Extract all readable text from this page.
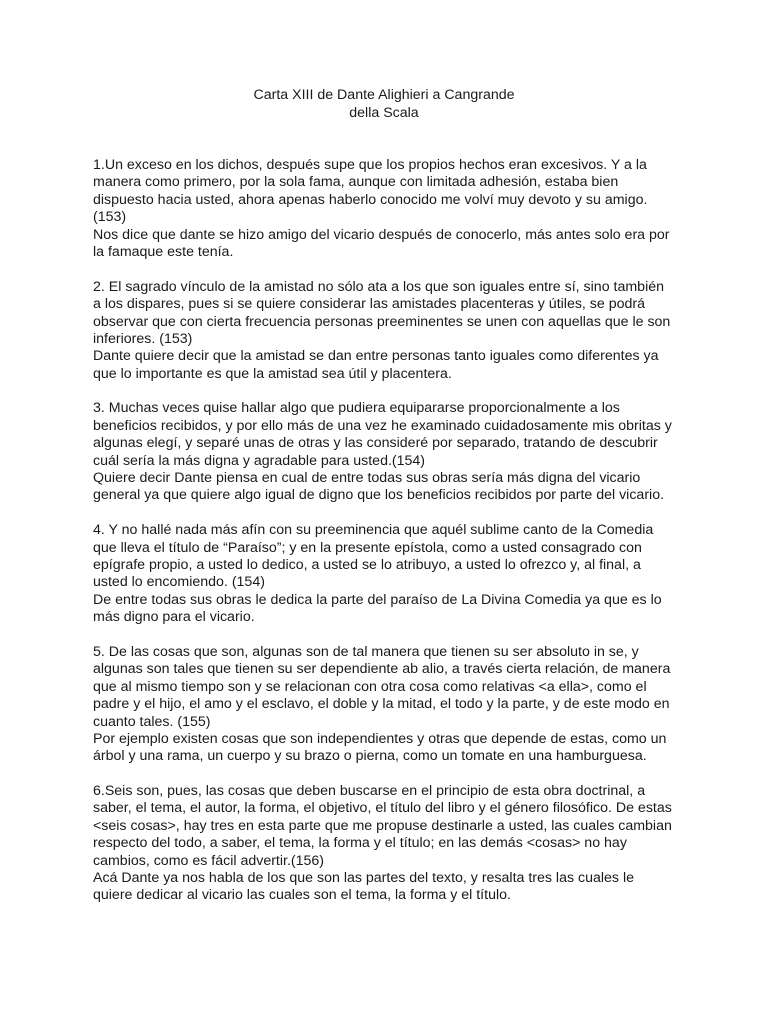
Carta XIII de Dante Alighieri a Cangrande
della Scala
1.Un exceso en los dichos, después supe que los propios hechos eran excesivos. Y a la
manera como primero, por la sola fama, aunque con limitada adhesión, estaba bien
dispuesto hacia usted, ahora apenas haberlo conocido me volví muy devoto y su amigo.
(153)
Nos dice que dante se hizo amigo del vicario después de conocerlo, más antes solo era por
la famaque este tenía.
2. El sagrado vínculo de la amistad no sólo ata a los que son iguales entre sí, sino también
a los dispares, pues si se quiere considerar las amistades placenteras y útiles, se podrá
observar que con cierta frecuencia personas preeminentes se unen con aquellas que le son
inferiores. (153)
Dante quiere decir que la amistad se dan entre personas tanto iguales como diferentes ya
que lo importante es que la amistad sea útil y placentera.
3. Muchas veces quise hallar algo que pudiera equipararse proporcionalmente a los
beneficios recibidos, y por ello más de una vez he examinado cuidadosamente mis obritas y
algunas elegí, y separé unas de otras y las consideré por separado, tratando de descubrir
cuál sería la más digna y agradable para usted.(154)
Quiere decir Dante piensa en cual de entre todas sus obras sería más digna del vicario
general ya que quiere algo igual de digno que los beneficios recibidos por parte del vicario.
4. Y no hallé nada más afín con su preeminencia que aquél sublime canto de la Comedia
que lleva el título de “Paraíso”; y en la presente epístola, como a usted consagrado con
epígrafe propio, a usted lo dedico, a usted se lo atribuyo, a usted lo ofrezco y, al final, a
usted lo encomiendo. (154)
De entre todas sus obras le dedica la parte del paraíso de La Divina Comedia ya que es lo
más digno para el vicario.
5. De las cosas que son, algunas son de tal manera que tienen su ser absoluto in se, y
algunas son tales que tienen su ser dependiente ab alio, a través cierta relación, de manera
que al mismo tiempo son y se relacionan con otra cosa como relativas <a ella>, como el
padre y el hijo, el amo y el esclavo, el doble y la mitad, el todo y la parte, y de este modo en
cuanto tales. (155)
Por ejemplo existen cosas que son independientes y otras que depende de estas, como un
árbol y una rama, un cuerpo y su brazo o pierna, como un tomate en una hamburguesa.
6.Seis son, pues, las cosas que deben buscarse en el principio de esta obra doctrinal, a
saber, el tema, el autor, la forma, el objetivo, el título del libro y el género filosófico. De estas
<seis cosas>, hay tres en esta parte que me propuse destinarle a usted, las cuales cambian
respecto del todo, a saber, el tema, la forma y el título; en las demás <cosas> no hay
cambios, como es fácil advertir.(156)
Acá Dante ya nos habla de los que son las partes del texto, y resalta tres las cuales le
quiere dedicar al vicario las cuales son el tema, la forma y el título.
